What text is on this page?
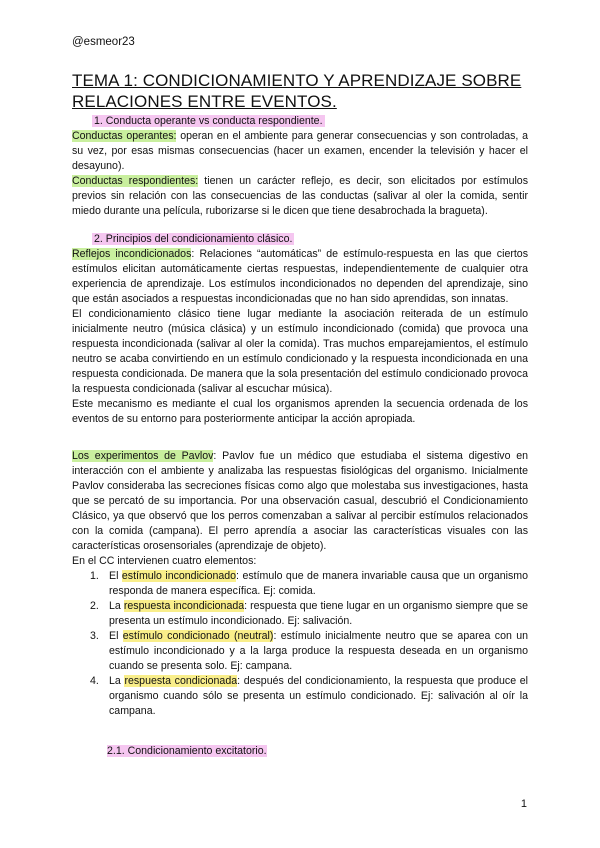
@esmeor23
TEMA 1: CONDICIONAMIENTO Y APRENDIZAJE SOBRE
RELACIONES ENTRE EVENTOS.

1. Conducta operante vs conducta respondiente.

Conductas operantes: operan en el ambiente para generar consecuencias y son controladas, a su vez, por esas mismas consecuencias (hacer un examen, encender la televisión y hacer el desayuno).

Conductas respondientes: tienen un carácter reflejo, es decir, son elicitados por estímulos previos sin relación con las consecuencias de las conductas (salivar al oler la comida, sentir miedo durante una película, ruborizarse si le dicen que tiene desabrochada la bragueta).

2. Principios del condicionamiento clásico.

Reflejos incondicionados: Relaciones “automáticas” de estímulo-respuesta en las que ciertos estímulos elicitan automáticamente ciertas respuestas, independientemente de cualquier otra experiencia de aprendizaje. Los estímulos incondicionados no dependen del aprendizaje, sino que están asociados a respuestas incondicionadas que no han sido aprendidas, son innatas.

El condicionamiento clásico tiene lugar mediante la asociación reiterada de un estímulo inicialmente neutro (música clásica) y un estímulo incondicionado (comida) que provoca una respuesta incondicionada (salivar al oler la comida). Tras muchos emparejamientos, el estímulo neutro se acaba convirtiendo en un estímulo condicionado y la respuesta incondicionada en una respuesta condicionada. De manera que la sola presentación del estímulo condicionado provoca la respuesta condicionada (salivar al escuchar música).

Este mecanismo es mediante el cual los organismos aprenden la secuencia ordenada de los eventos de su entorno para posteriormente anticipar la acción apropiada.

Los experimentos de Pavlov: Pavlov fue un médico que estudiaba el sistema digestivo en interacción con el ambiente y analizaba las respuestas fisiológicas del organismo. Inicialmente Pavlov consideraba las secreciones físicas como algo que molestaba sus investigaciones, hasta que se percató de su importancia. Por una observación casual, descubrió el Condicionamiento Clásico, ya que observó que los perros comenzaban a salivar al percibir estímulos relacionados con la comida (campana). El perro aprendía a asociar las características visuales con las características orosensoriales (aprendizaje de objeto).

En el CC intervienen cuatro elementos:

1. El estímulo incondicionado: estímulo que de manera invariable causa que un organismo responda de manera específica. Ej: comida.
2. La respuesta incondicionada: respuesta que tiene lugar en un organismo siempre que se presenta un estímulo incondicionado. Ej: salivación.
3. El estímulo condicionado (neutral): estímulo inicialmente neutro que se aparea con un estímulo incondicionado y a la larga produce la respuesta deseada en un organismo cuando se presenta solo. Ej: campana.
4. La respuesta condicionada: después del condicionamiento, la respuesta que produce el organismo cuando sólo se presenta un estímulo condicionado. Ej: salivación al oír la campana.
2.1. Condicionamiento excitatorio.
1
